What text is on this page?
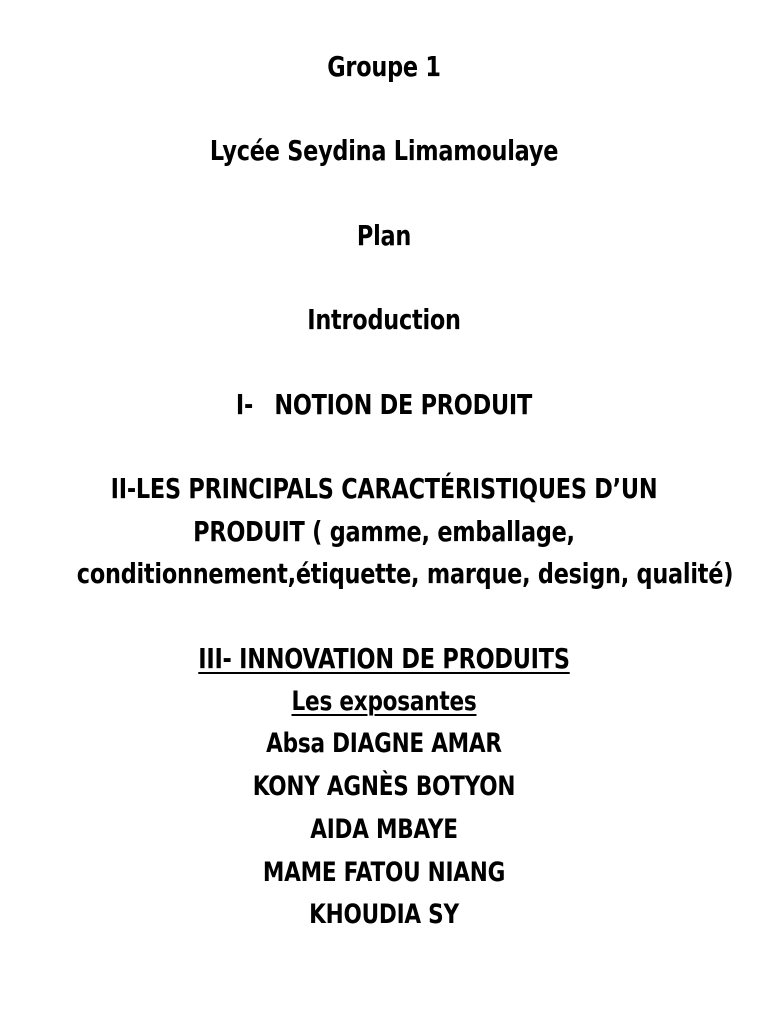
Groupe 1
Lycée Seydina Limamoulaye
Plan
Introduction
I- NOTION DE PRODUIT
II-LES PRINCIPALS CARACTÉRISTIQUES D’UN
PRODUIT ( gamme, emballage,
conditionnement,étiquette, marque, design, qualité)
III- INNOVATION DE PRODUITS
Les exposantes
Absa DIAGNE AMAR
KONY AGNÈS BOTYON
AIDA MBAYE
MAME FATOU NIANG
KHOUDIA SY
